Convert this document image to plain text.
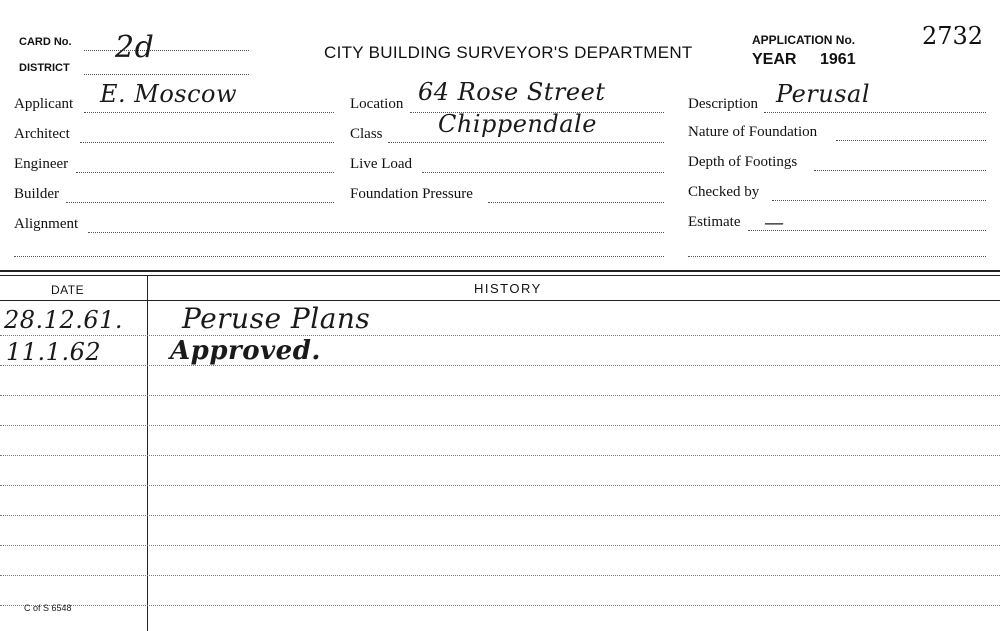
CARD No. 2d
DISTRICT
CITY BUILDING SURVEYOR'S DEPARTMENT
APPLICATION No.	2732
YEAR 1961
Applicant E. Moscow
Architect
Engineer
Builder
Alignment
Location 64 Rose Street
Class Chippendale
Live Load
Foundation Pressure
Description Perusal
Nature of Foundation
Depth of Footings
Checked by
Estimate —
DATE	HISTORY
28.12.61. Peruse Plans
11.1.62	Approved.
C of S 6548
